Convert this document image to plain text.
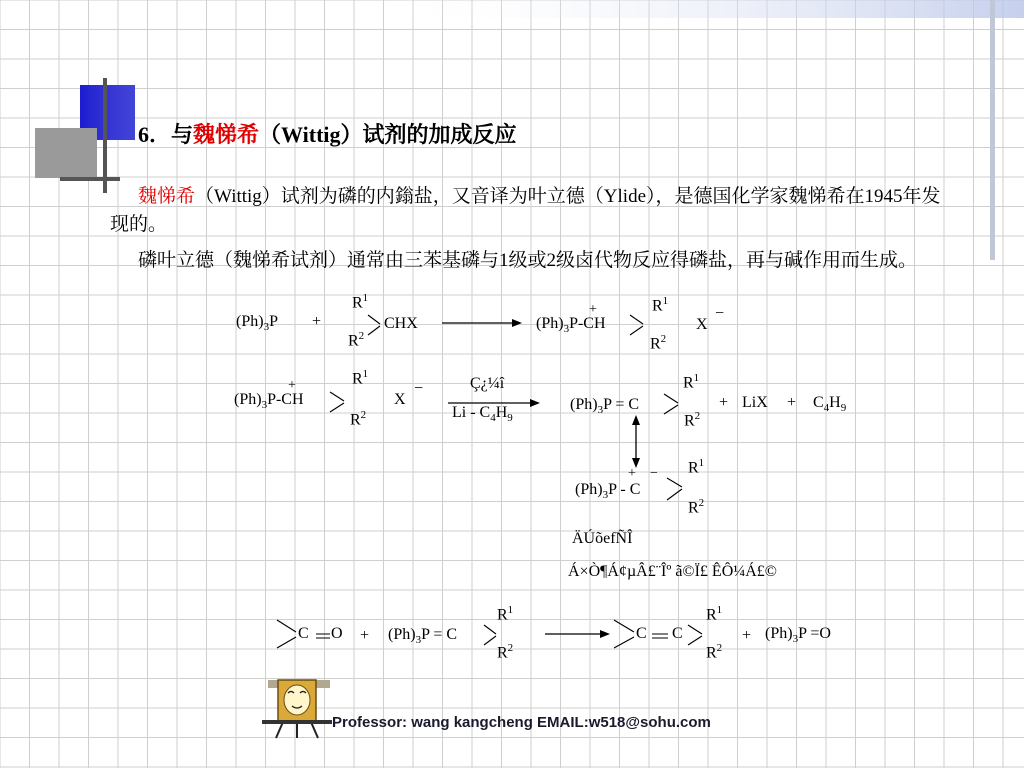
6．与魏悌希（Wittig）试剂的加成反应
魏悌希（Wittig）试剂为磷的内鎓盐，又音译为叶立德（Ylide），是德国化学家魏悌希在1945年发现的。
磷叶立德（魏悌希试剂）通常由三苯基磷与1级或2级卤代物反应得磷盐，再与碱作用而生成。
$(Ph)_3P$ +
$R^1$
$R^2$
CHX
+
$(Ph)_3P-CH$
$R^1$
$R^2$
X
−
+
$(Ph)_3P-CH$
$R^1$
$R^2$
X
−	Ç¿¼î
Li - $C_4H_9$
$(Ph)_3P = C$
$R^1$
$R^2$
+ LiX + $C_4H_9$
+ −
$(Ph)_3P$ - C
$R^1$
$R^2$
ÄÚõefÑÎ
Á×Ò¶Á¢µÂ£¨Îº ã©Ï£ ÊÔ¼Á£©
C $O + (Ph)_3P = C$
$R^1$
$R^2$
C C
$R^1$
$R^2$
+ $(Ph)_3P =O$
Professor: wang kangcheng EMAIL:w518@sohu.com
